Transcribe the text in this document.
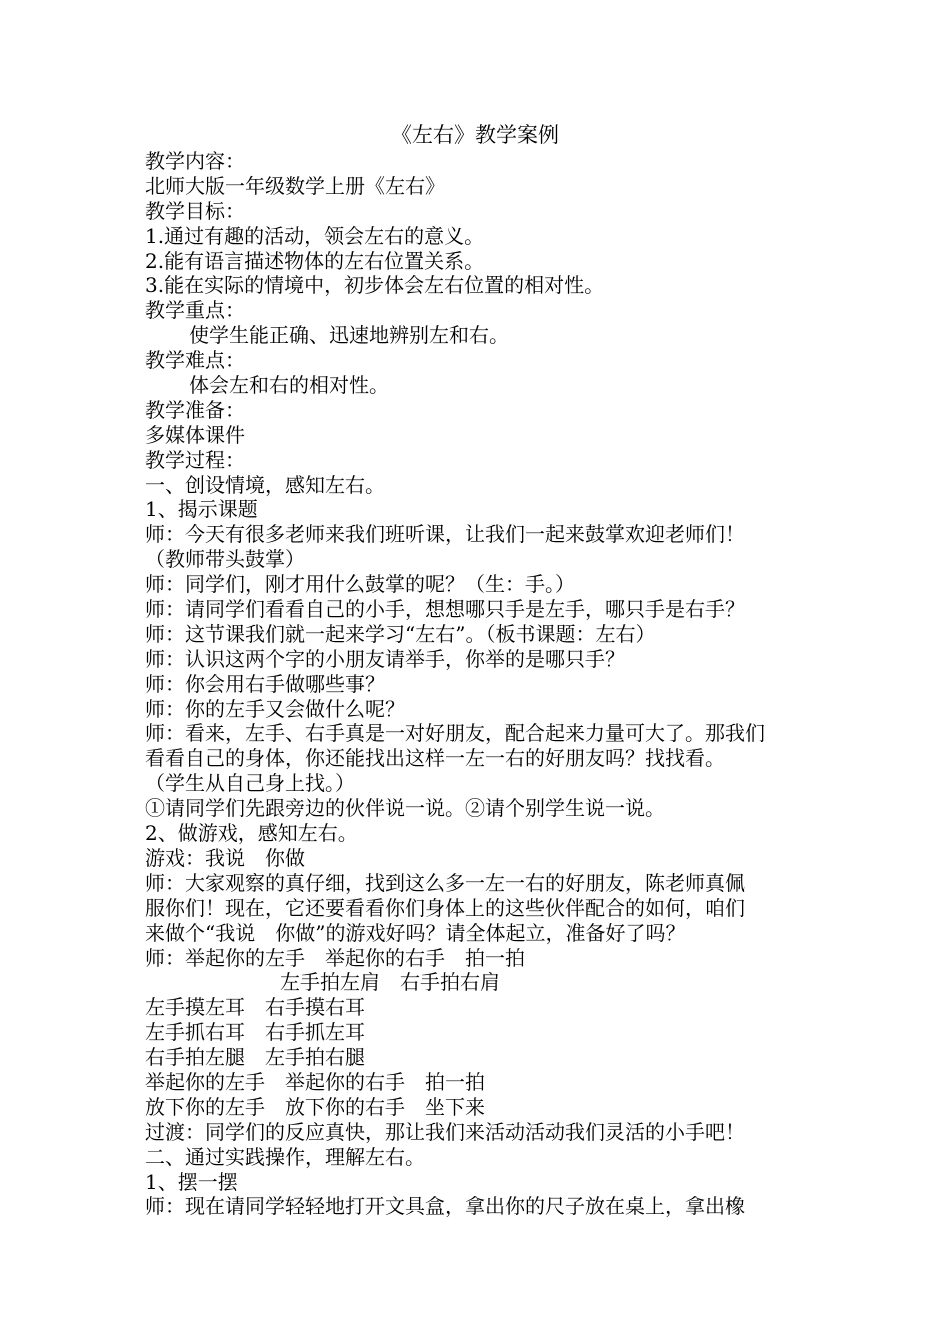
《左右》教学案例
教学内容：
北师大版一年级数学上册《左右》
教学目标：
1.通过有趣的活动，领会左右的意义。
2.能有语言描述物体的左右位置关系。
3.能在实际的情境中，初步体会左右位置的相对性。
教学重点：
使学生能正确、迅速地辨别左和右。
教学难点：
体会左和右的相对性。
教学准备：
多媒体课件
教学过程：
一、创设情境，感知左右。
1、揭示课题
师：今天有很多老师来我们班听课，让我们一起来鼓掌欢迎老师们！
（教师带头鼓掌）
师：同学们，刚才用什么鼓掌的呢？（生：手。）
师：请同学们看看自己的小手，想想哪只手是左手，哪只手是右手？
师：这节课我们就一起来学习“左右”。（板书课题：左右）
师：认识这两个字的小朋友请举手，你举的是哪只手？
师：你会用右手做哪些事？
师：你的左手又会做什么呢？
师：看来，左手、右手真是一对好朋友，配合起来力量可大了。那我们
看看自己的身体，你还能找出这样一左一右的好朋友吗？找找看。
（学生从自己身上找。）
①请同学们先跟旁边的伙伴说一说。②请个别学生说一说。
2、做游戏，感知左右。
游戏：我说　你做
师：大家观察的真仔细，找到这么多一左一右的好朋友，陈老师真佩
服你们！现在，它还要看看你们身体上的这些伙伴配合的如何，咱们
来做个“我说　你做”的游戏好吗？请全体起立，准备好了吗？
师：举起你的左手　举起你的右手　拍一拍
左手拍左肩　右手拍右肩
左手摸左耳　右手摸右耳
左手抓右耳　右手抓左耳
右手拍左腿　左手拍右腿
举起你的左手　举起你的右手　拍一拍
放下你的左手　放下你的右手　坐下来
过渡：同学们的反应真快，那让我们来活动活动我们灵活的小手吧！
二、通过实践操作，理解左右。
1、摆一摆
师：现在请同学轻轻地打开文具盒，拿出你的尺子放在桌上，拿出橡
